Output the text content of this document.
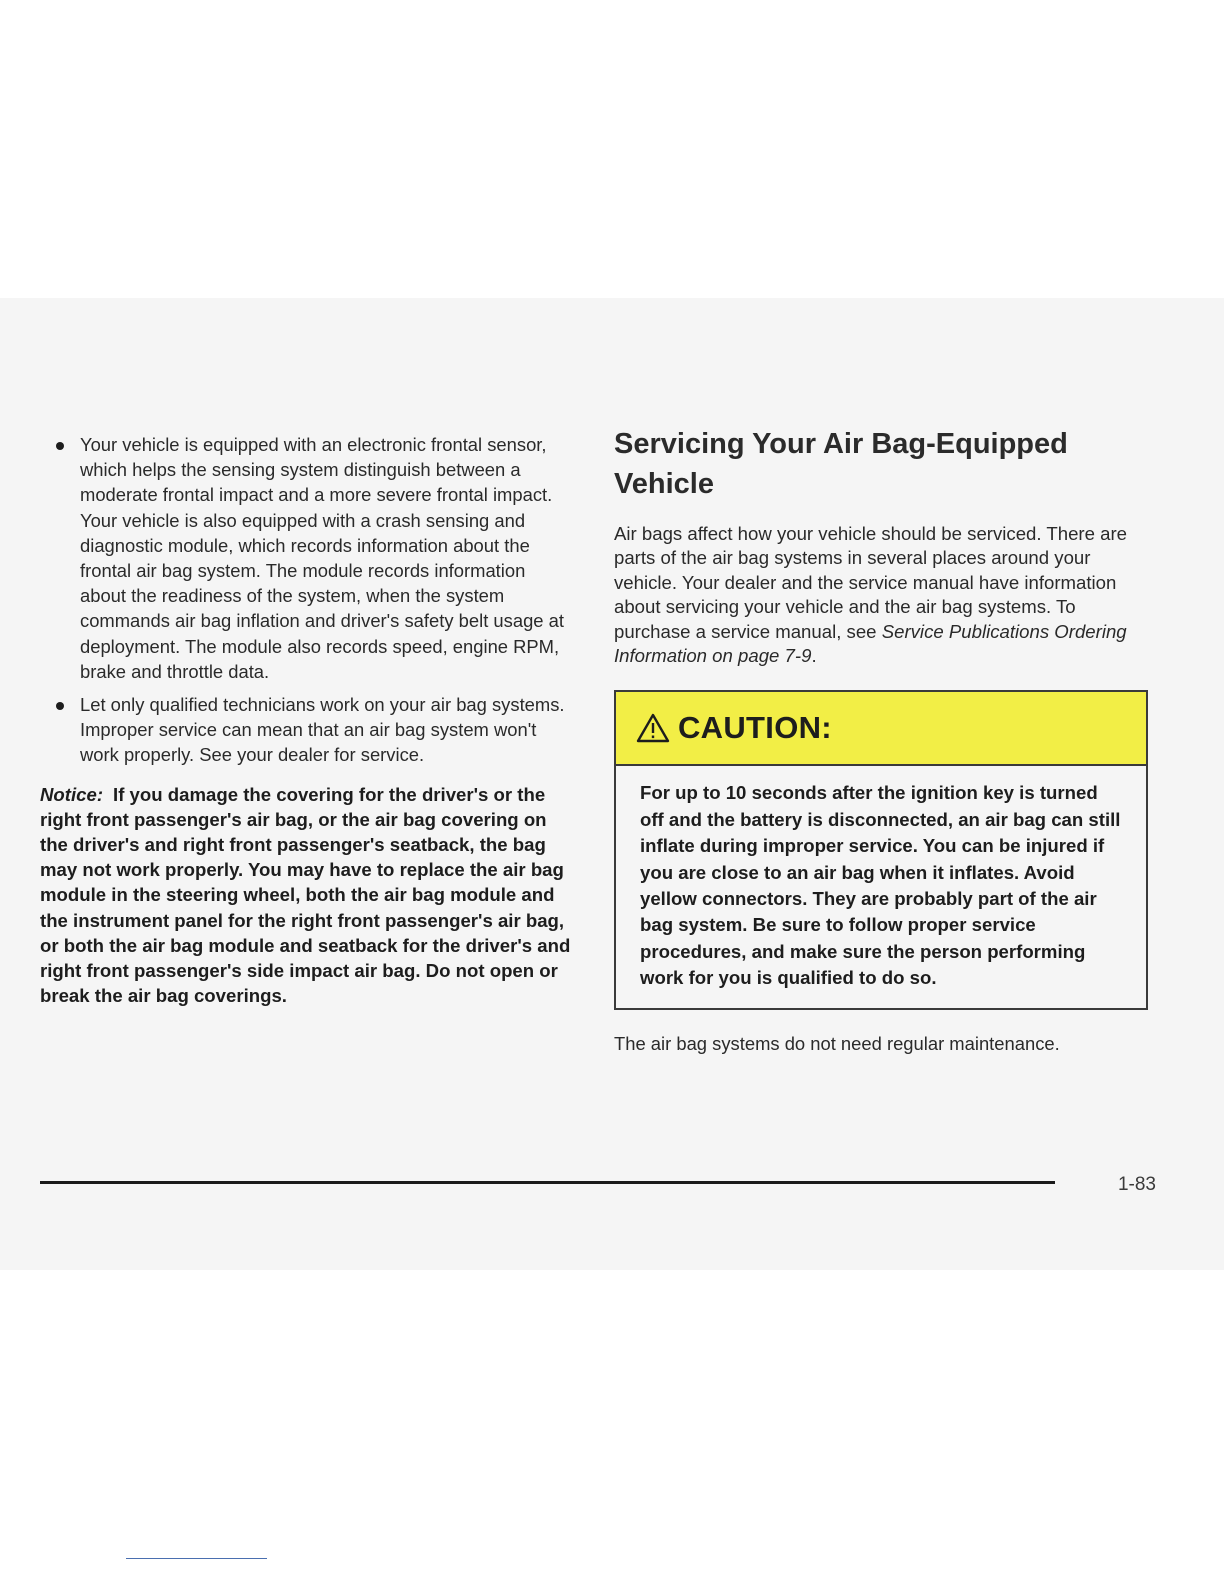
Your vehicle is equipped with an electronic frontal sensor, which helps the sensing system distinguish between a moderate frontal impact and a more severe frontal impact. Your vehicle is also equipped with a crash sensing and diagnostic module, which records information about the frontal air bag system. The module records information about the readiness of the system, when the system commands air bag inflation and driver's safety belt usage at deployment. The module also records speed, engine RPM, brake and throttle data.
Let only qualified technicians work on your air bag systems. Improper service can mean that an air bag system won't work properly. See your dealer for service.

Notice: If you damage the covering for the driver's or the right front passenger's air bag, or the air bag covering on the driver's and right front passenger's seatback, the bag may not work properly. You may have to replace the air bag module in the steering wheel, both the air bag module and the instrument panel for the right front passenger's air bag, or both the air bag module and seatback for the driver's and right front passenger's side impact air bag. Do not open or break the air bag coverings.

Servicing Your Air Bag-Equipped Vehicle

Air bags affect how your vehicle should be serviced. There are parts of the air bag systems in several places around your vehicle. Your dealer and the service manual have information about servicing your vehicle and the air bag systems. To purchase a service manual, see Service Publications Ordering Information on page 7-9.

CAUTION:
For up to 10 seconds after the ignition key is turned off and the battery is disconnected, an air bag can still inflate during improper service. You can be injured if you are close to an air bag when it inflates. Avoid yellow connectors. They are probably part of the air bag system. Be sure to follow proper service procedures, and make sure the person performing work for you is qualified to do so.

The air bag systems do not need regular maintenance.

1-83
